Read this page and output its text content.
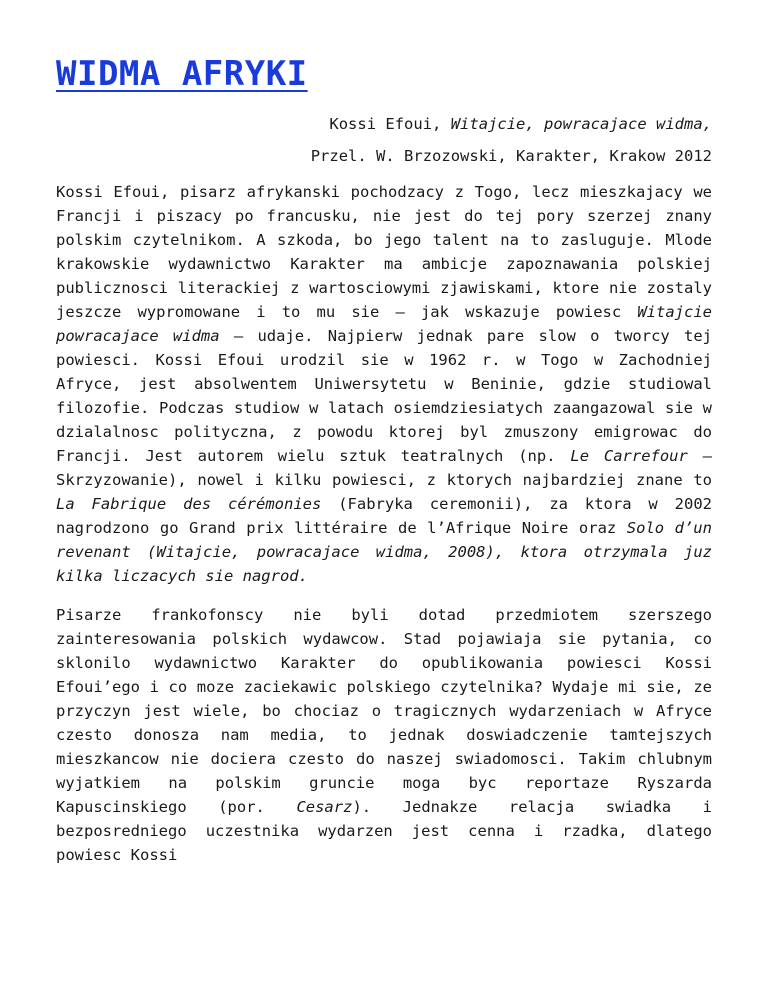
WIDMA AFRYKI

Kossi Efoui, Witajcie, powracajace widma,

Przel. W. Brzozowski, Karakter, Krakow 2012

Kossi Efoui, pisarz afrykanski pochodzacy z Togo, lecz mieszkajacy we Francji i piszacy po francusku, nie jest do tej pory szerzej znany polskim czytelnikom. A szkoda, bo jego talent na to zasluguje. Mlode krakowskie wydawnictwo Karakter ma ambicje zapoznawania polskiej publicznosci literackiej z wartosciowymi zjawiskami, ktore nie zostaly jeszcze wypromowane i to mu sie – jak wskazuje powiesc Witajcie powracajace widma – udaje. Najpierw jednak pare slow o tworcy tej powiesci. Kossi Efoui urodzil sie w 1962 r. w Togo w Zachodniej Afryce, jest absolwentem Uniwersytetu w Beninie, gdzie studiowal filozofie. Podczas studiow w latach osiemdziesiatych zaangazowal sie w dzialalnosc polityczna, z powodu ktorej byl zmuszony emigrowac do Francji. Jest autorem wielu sztuk teatralnych (np. Le Carrefour – Skrzyzowanie), nowel i kilku powiesci, z ktorych najbardziej znane to La Fabrique des cérémonies (Fabryka ceremonii), za ktora w 2002 nagrodzono go Grand prix littéraire de l’Afrique Noire oraz Solo d’un revenant (Witajcie, powracajace widma, 2008), ktora otrzymala juz kilka liczacych sie nagrod.

Pisarze frankofonscy nie byli dotad przedmiotem szerszego zainteresowania polskich wydawcow. Stad pojawiaja sie pytania, co sklonilo wydawnictwo Karakter do opublikowania powiesci Kossi Efoui’ego i co moze zaciekawic polskiego czytelnika? Wydaje mi sie, ze przyczyn jest wiele, bo chociaz o tragicznych wydarzeniach w Afryce czesto donosza nam media, to jednak doswiadczenie tamtejszych mieszkancow nie dociera czesto do naszej swiadomosci. Takim chlubnym wyjatkiem na polskim gruncie moga byc reportaze Ryszarda Kapuscinskiego (por. Cesarz). Jednakze relacja swiadka i bezposredniego uczestnika wydarzen jest cenna i rzadka, dlatego powiesc Kossi
